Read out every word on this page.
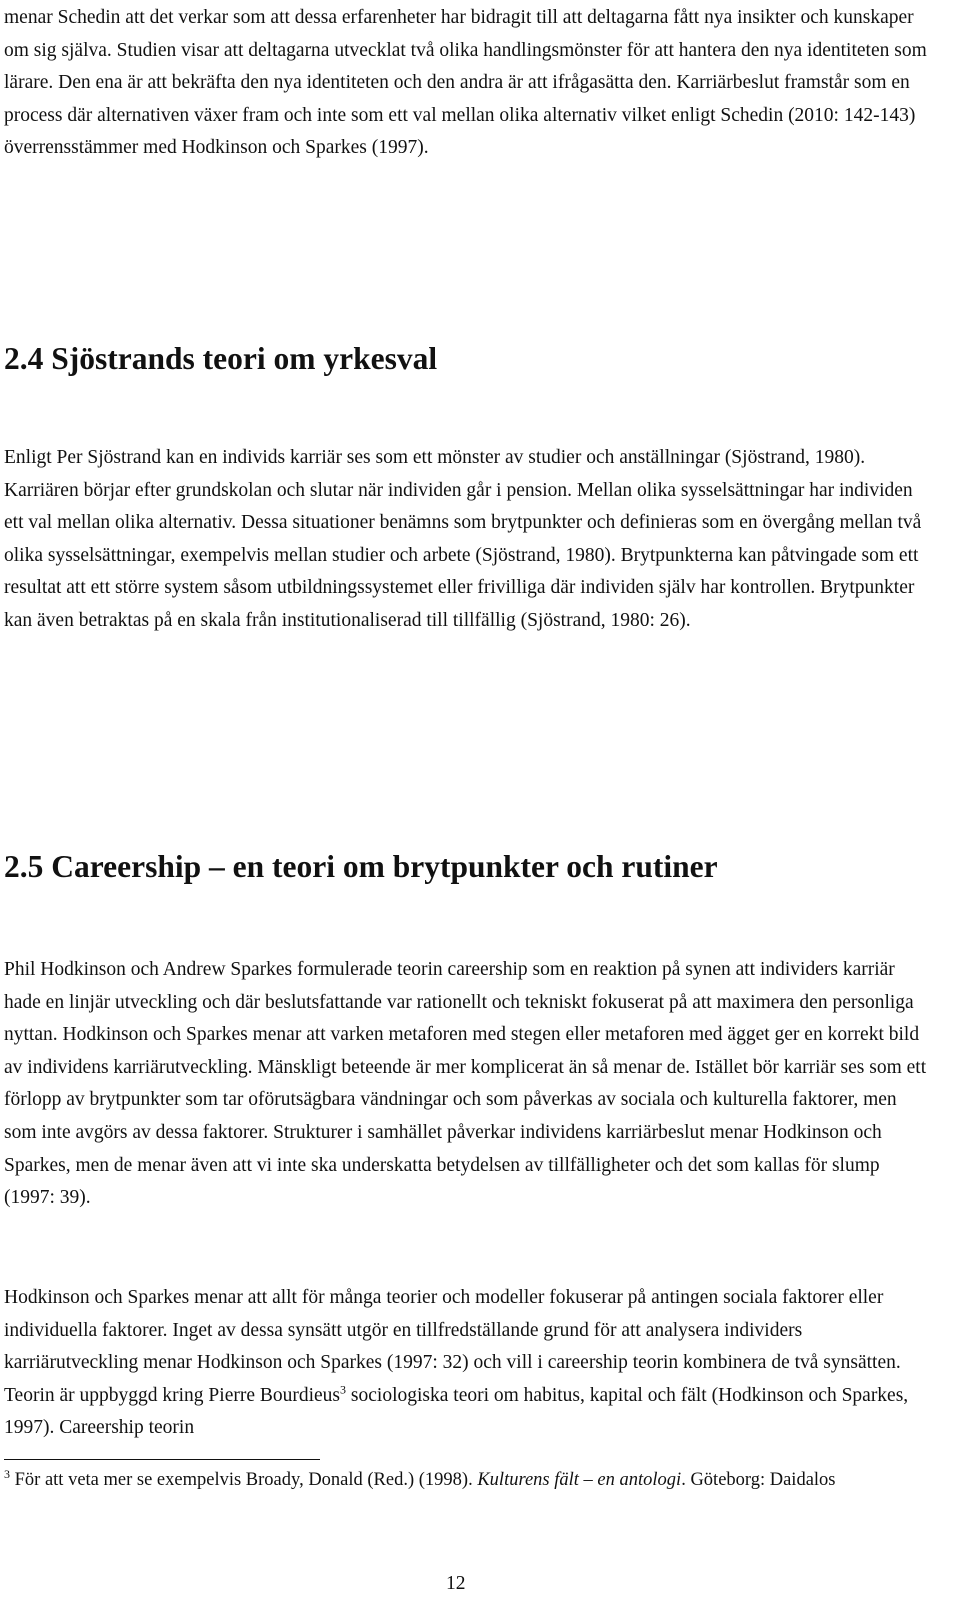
menar Schedin att det verkar som att dessa erfarenheter har bidragit till att deltagarna fått nya insikter och kunskaper om sig själva. Studien visar att deltagarna utvecklat två olika handlingsmönster för att hantera den nya identiteten som lärare. Den ena är att bekräfta den nya identiteten och den andra är att ifrågasätta den. Karriärbeslut framstår som en process där alternativen växer fram och inte som ett val mellan olika alternativ vilket enligt Schedin (2010: 142-143) överrensstämmer med Hodkinson och Sparkes (1997).

2.4 Sjöstrands teori om yrkesval

Enligt Per Sjöstrand kan en individs karriär ses som ett mönster av studier och anställningar (Sjöstrand, 1980). Karriären börjar efter grundskolan och slutar när individen går i pension. Mellan olika sysselsättningar har individen ett val mellan olika alternativ. Dessa situationer benämns som brytpunkter och definieras som en övergång mellan två olika sysselsättningar, exempelvis mellan studier och arbete (Sjöstrand, 1980). Brytpunkterna kan påtvingade som ett resultat att ett större system såsom utbildningssystemet eller frivilliga där individen själv har kontrollen. Brytpunkter kan även betraktas på en skala från institutionaliserad till tillfällig (Sjöstrand, 1980: 26).

2.5 Careership – en teori om brytpunkter och rutiner

Phil Hodkinson och Andrew Sparkes formulerade teorin careership som en reaktion på synen att individers karriär hade en linjär utveckling och där beslutsfattande var rationellt och tekniskt fokuserat på att maximera den personliga nyttan. Hodkinson och Sparkes menar att varken metaforen med stegen eller metaforen med ägget ger en korrekt bild av individens karriärutveckling. Mänskligt beteende är mer komplicerat än så menar de. Istället bör karriär ses som ett förlopp av brytpunkter som tar oförutsägbara vändningar och som påverkas av sociala och kulturella faktorer, men som inte avgörs av dessa faktorer. Strukturer i samhället påverkar individens karriärbeslut menar Hodkinson och Sparkes, men de menar även att vi inte ska underskatta betydelsen av tillfälligheter och det som kallas för slump (1997: 39).

Hodkinson och Sparkes menar att allt för många teorier och modeller fokuserar på antingen sociala faktorer eller individuella faktorer. Inget av dessa synsätt utgör en tillfredställande grund för att analysera individers karriärutveckling menar Hodkinson och Sparkes (1997: 32) och vill i careership teorin kombinera de två synsätten. Teorin är uppbyggd kring Pierre Bourdieus$^3$ sociologiska teori om habitus, kapital och fält (Hodkinson och Sparkes, 1997). Careership teorin

$^3$ För att veta mer se exempelvis Broady, Donald (Red.) (1998). Kulturens fält – en antologi. Göteborg: Daidalos

12
